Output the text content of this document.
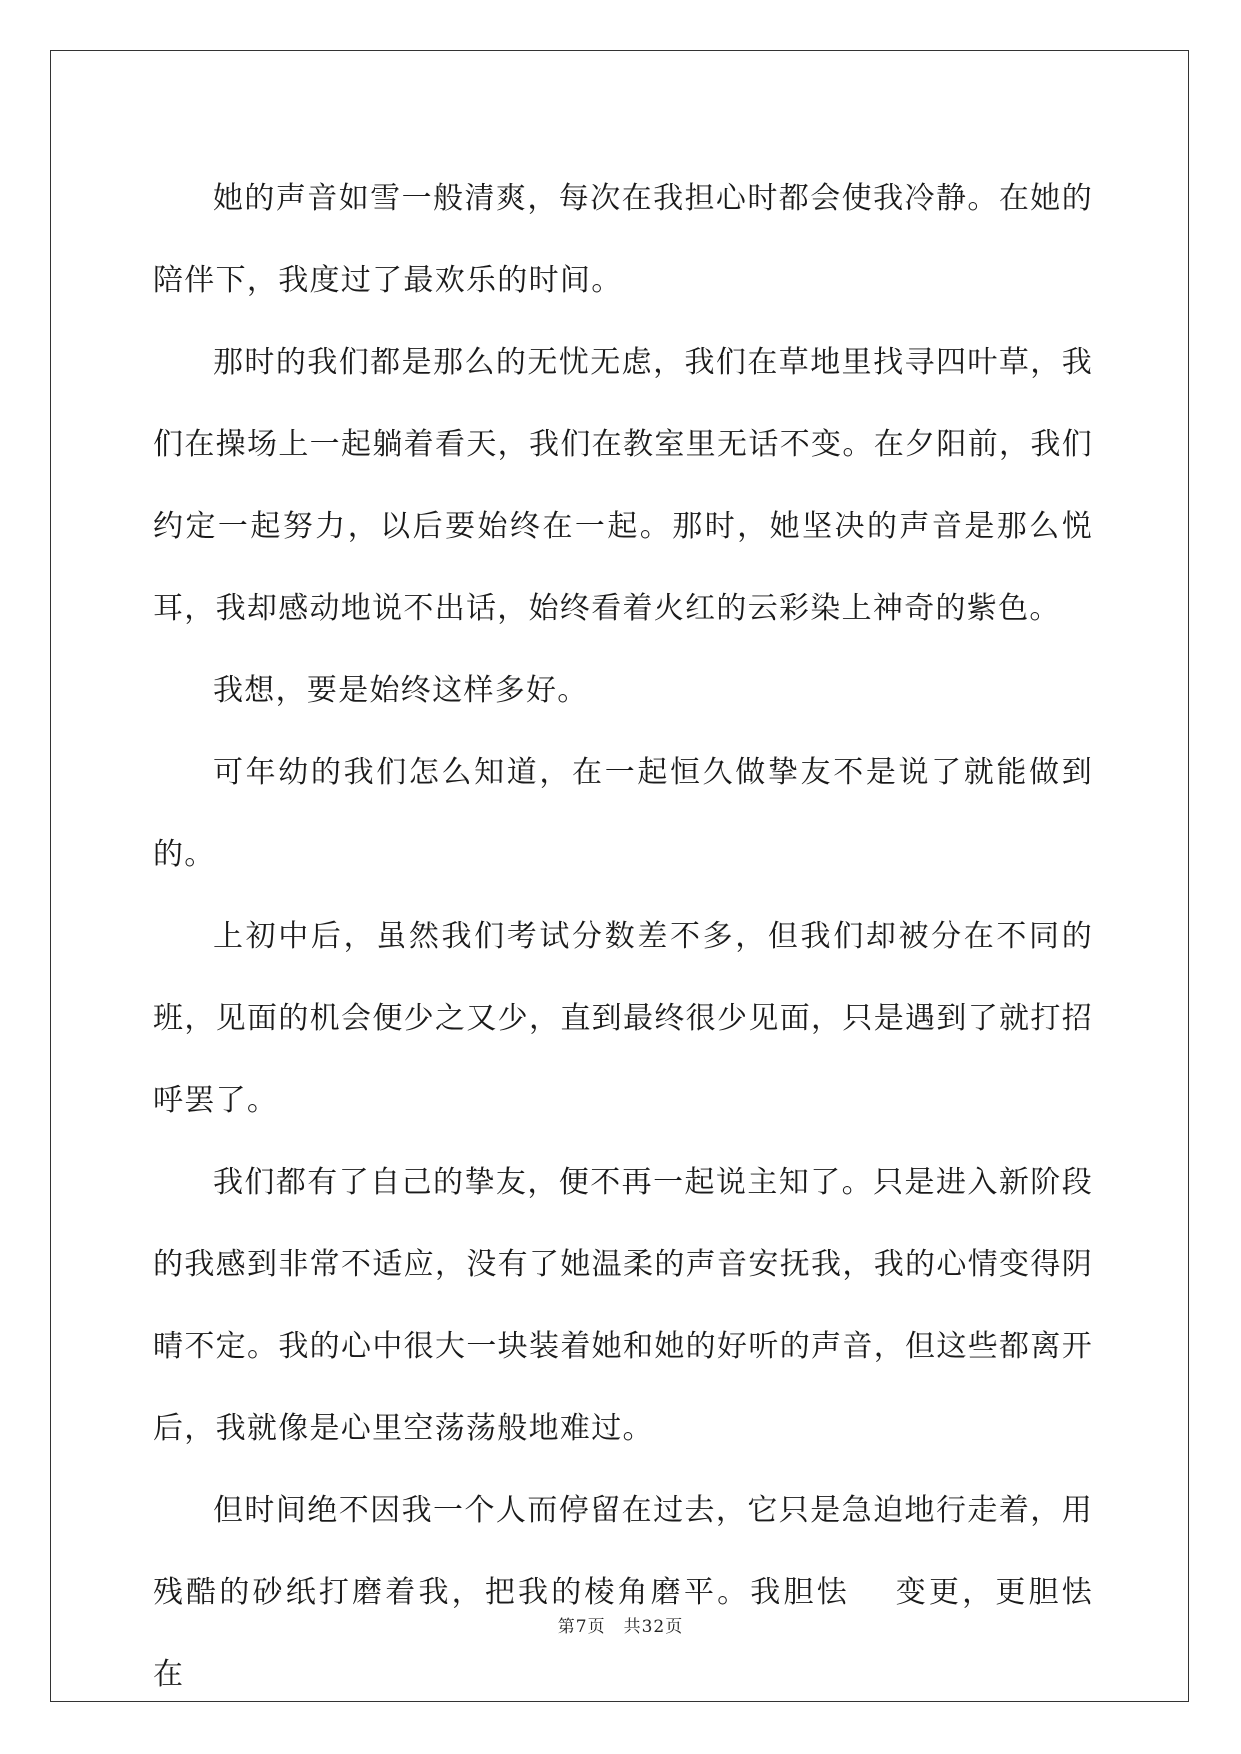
她的声音如雪一般清爽，每次在我担心时都会使我冷静。在她的陪伴下，我度过了最欢乐的时间。

那时的我们都是那么的无忧无虑，我们在草地里找寻四叶草，我们在操场上一起躺着看天，我们在教室里无话不变。在夕阳前，我们约定一起努力，以后要始终在一起。那时，她坚决的声音是那么悦耳，我却感动地说不出话，始终看着火红的云彩染上神奇的紫色。

我想，要是始终这样多好。

可年幼的我们怎么知道，在一起恒久做挚友不是说了就能做到的。

上初中后，虽然我们考试分数差不多，但我们却被分在不同的班，见面的机会便少之又少，直到最终很少见面，只是遇到了就打招呼罢了。

我们都有了自己的挚友，便不再一起说主知了。只是进入新阶段的我感到非常不适应，没有了她温柔的声音安抚我，我的心情变得阴晴不定。我的心中很大一块装着她和她的好听的声音，但这些都离开后，我就像是心里空荡荡般地难过。

但时间绝不因我一个人而停留在过去，它只是急迫地行走着，用残酷的砂纸打磨着我，把我的棱角磨平。我胆怯　 变更，更胆怯　在

第7页 共32页
